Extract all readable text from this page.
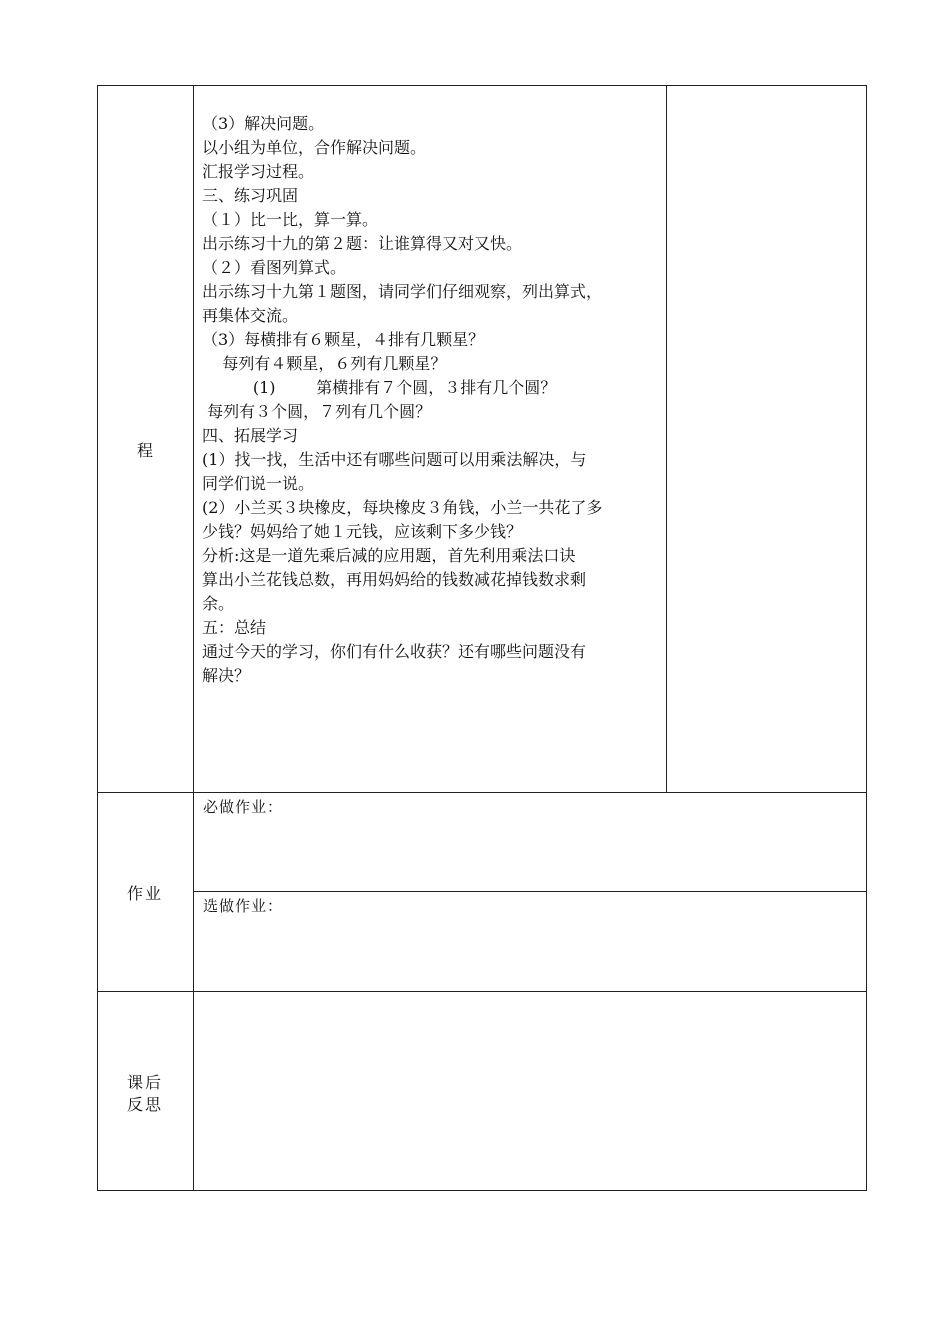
程
作业
课后
反思
（3）解决问题。
以小组为单位，合作解决问题。
汇报学习过程。
三、练习巩固
（１）比一比，算一算。
出示练习十九的第２题：让谁算得又对又快。
（２）看图列算式。
出示练习十九第１题图，请同学们仔细观察，列出算式，
再集体交流。
（3）每横排有６颗星，４排有几颗星？
每列有４颗星，６列有几颗星？
(1)        第横排有７个圆，３排有几个圆？
每列有３个圆，７列有几个圆？
四、拓展学习
(1）找一找，生活中还有哪些问题可以用乘法解决，与
同学们说一说。
(2）小兰买３块橡皮，每块橡皮３角钱，小兰一共花了多
少钱？妈妈给了她１元钱，应该剩下多少钱？
分析:这是一道先乘后减的应用题，首先利用乘法口诀
算出小兰花钱总数，再用妈妈给的钱数减花掉钱数求剩
余。
五：总结
通过今天的学习，你们有什么收获？还有哪些问题没有
解决？
必做作业：
选做作业：
